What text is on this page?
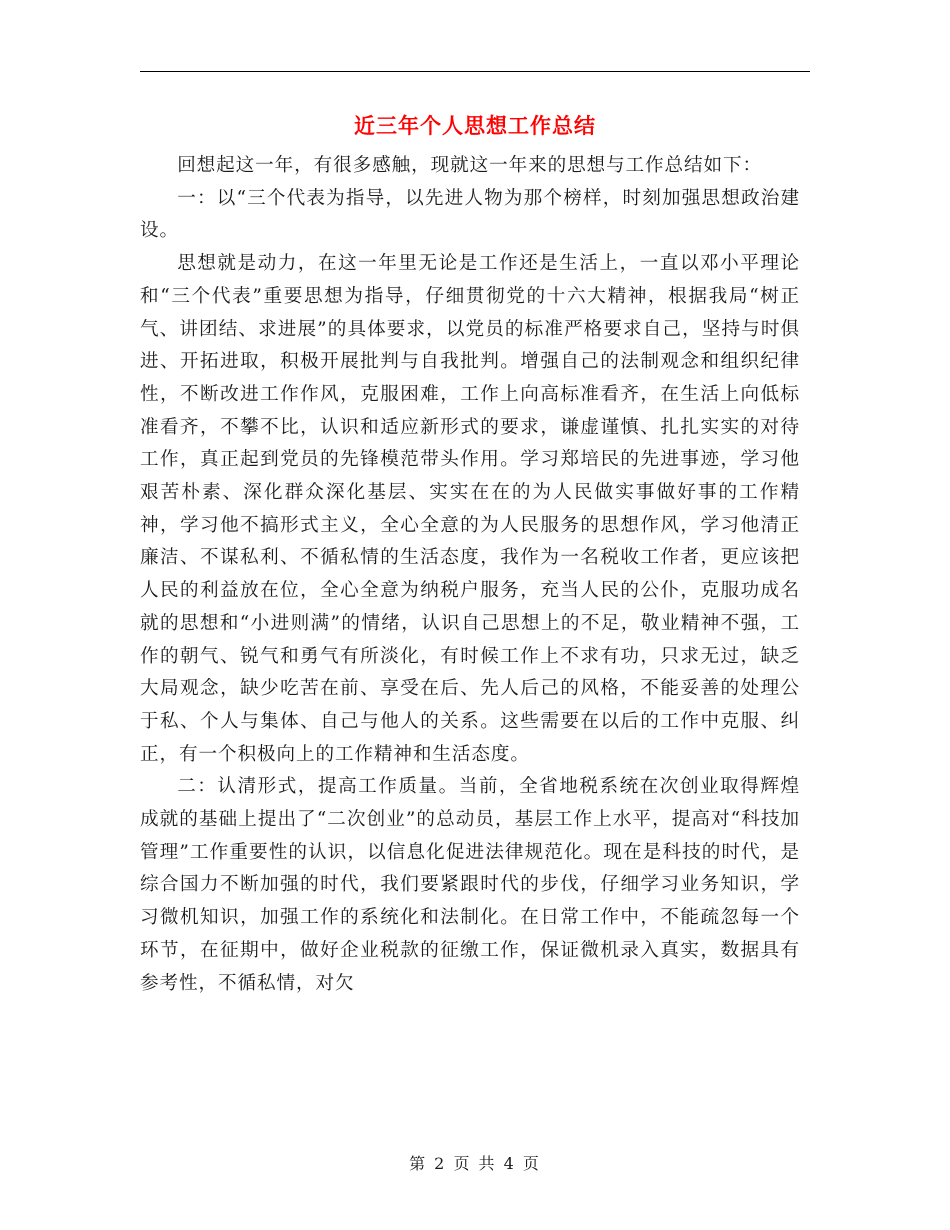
近三年个人思想工作总结

回想起这一年，有很多感触，现就这一年来的思想与工作总结如下：

一：以“三个代表为指导，以先进人物为那个榜样，时刻加强思想政治建设。

思想就是动力，在这一年里无论是工作还是生活上，一直以邓小平理论和“三个代表”重要思想为指导，仔细贯彻党的十六大精神，根据我局“树正气、讲团结、求进展”的具体要求，以党员的标准严格要求自己，坚持与时俱进、开拓进取，积极开展批判与自我批判。增强自己的法制观念和组织纪律性，不断改进工作作风，克服困难，工作上向高标准看齐，在生活上向低标准看齐，不攀不比，认识和适应新形式的要求，谦虚谨慎、扎扎实实的对待工作，真正起到党员的先锋模范带头作用。学习郑培民的先进事迹，学习他艰苦朴素、深化群众深化基层、实实在在的为人民做实事做好事的工作精神，学习他不搞形式主义，全心全意的为人民服务的思想作风，学习他清正廉洁、不谋私利、不循私情的生活态度，我作为一名税收工作者，更应该把人民的利益放在位，全心全意为纳税户服务，充当人民的公仆，克服功成名就的思想和“小进则满”的情绪，认识自己思想上的不足，敬业精神不强，工作的朝气、锐气和勇气有所淡化，有时候工作上不求有功，只求无过，缺乏大局观念，缺少吃苦在前、享受在后、先人后己的风格，不能妥善的处理公于私、个人与集体、自己与他人的关系。这些需要在以后的工作中克服、纠正，有一个积极向上的工作精神和生活态度。

二：认清形式，提高工作质量。当前，全省地税系统在次创业取得辉煌成就的基础上提出了“二次创业”的总动员，基层工作上水平，提高对“科技加管理”工作重要性的认识，以信息化促进法律规范化。现在是科技的时代，是综合国力不断加强的时代，我们要紧跟时代的步伐，仔细学习业务知识，学习微机知识，加强工作的系统化和法制化。在日常工作中，不能疏忽每一个环节，在征期中，做好企业税款的征缴工作，保证微机录入真实，数据具有参考性，不循私情，对欠

第 2 页 共 4 页
